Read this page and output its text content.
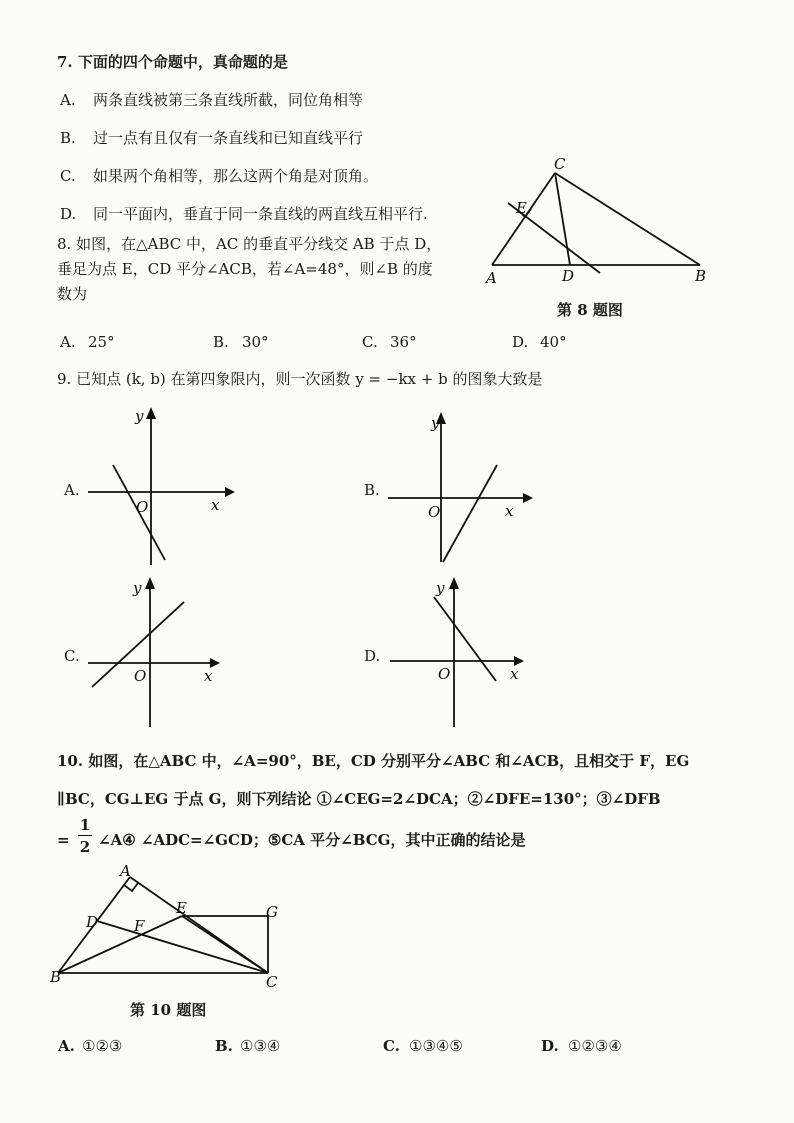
7. 下面的四个命题中，真命题的是
A. 两条直线被第三条直线所截，同位角相等
B. 过一点有且仅有一条直线和已知直线平行
C. 如果两个角相等，那么这两个角是对顶角。
D. 同一平面内，垂直于同一条直线的两直线互相平行.
8. 如图，在△ABC 中，AC 的垂直平分线交 AB 于点 D，
垂足为点 E，CD 平分∠ACB，若∠A=48°，则∠B 的度
数为
C
E
A	D	B
第 8 题图
A. 25°	B. 30°	C. 36°	D. 40°
9. 已知点 (k, b) 在第四象限内，则一次函数 y = −kx + b 的图象大致是
A.
y
x
O
B.
y
x
O
C.
y
x
O
D.
y
x
O
10. 如图，在△ABC 中，∠A=90°，BE，CD 分别平分∠ABC 和∠ACB，且相交于 F，EG
∥BC，CG⊥EG 于点 G，则下列结论 ①∠CEG=2∠DCA；②∠DFE=130°；③∠DFB
=
1
2 ∠A④ ∠ADC=∠GCD；⑤CA 平分∠BCG，其中正确的结论是
A
D
E	G
F
B	C
第 10 题图
A. ①②③	B. ①③④	C. ①③④⑤	D. ①②③④
